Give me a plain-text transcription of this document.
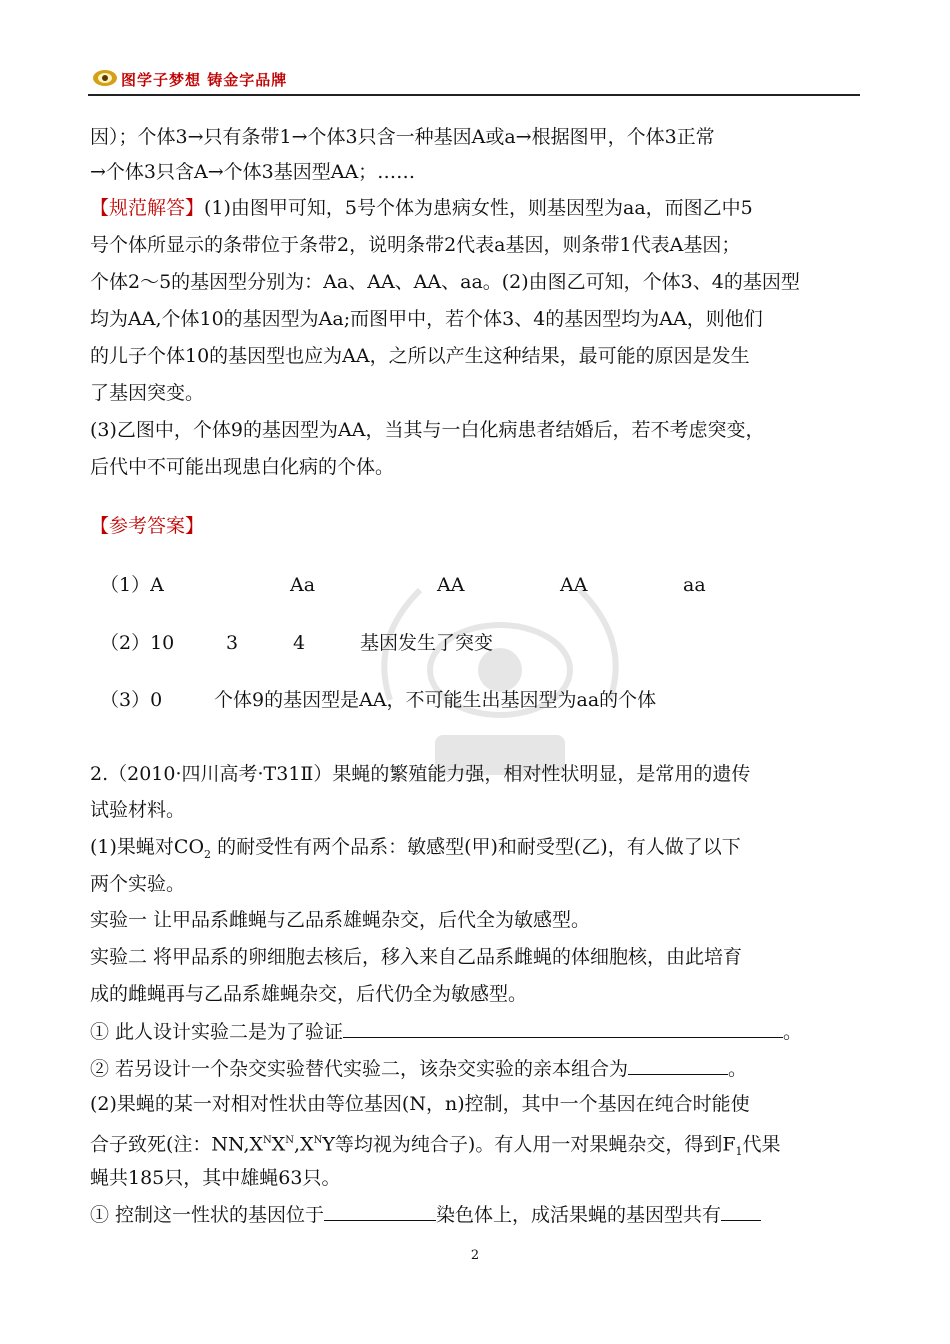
图学子梦想 铸金字品牌
因）；个体3→只有条带1→个体3只含一种基因A或a→根据图甲，个体3正常
→个体3只含A→个体3基因型AA；……
【规范解答】(1)由图甲可知，5号个体为患病女性，则基因型为aa，而图乙中5
号个体所显示的条带位于条带2，说明条带2代表a基因，则条带1代表A基因；
个体2～5的基因型分别为：Aa、AA、AA、aa。(2)由图乙可知，个体3、4的基因型
均为AA,个体10的基因型为Aa;而图甲中，若个体3、4的基因型均为AA，则他们
的儿子个体10的基因型也应为AA，之所以产生这种结果，最可能的原因是发生
了基因突变。
(3)乙图中，个体9的基因型为AA，当其与一白化病患者结婚后，若不考虑突变，
后代中不可能出现患白化病的个体。
【参考答案】
（1）A	Aa	AA	AA	aa
（2）10	3	4	基因发生了突变
（3）0	个体9的基因型是AA，不可能生出基因型为aa的个体
2.（2010·四川高考·T31Ⅱ）果蝇的繁殖能力强，相对性状明显，是常用的遗传
试验材料。
(1)果蝇对$CO_2$ 的耐受性有两个品系：敏感型(甲)和耐受型(乙)，有人做了以下
两个实验。
实验一 让甲品系雌蝇与乙品系雄蝇杂交，后代全为敏感型。
实验二 将甲品系的卵细胞去核后，移入来自乙品系雌蝇的体细胞核，由此培育
成的雌蝇再与乙品系雄蝇杂交，后代仍全为敏感型。
① 此人设计实验二是为了验证	。
② 若另设计一个杂交实验替代实验二，该杂交实验的亲本组合为	。
(2)果蝇的某一对相对性状由等位基因(N，n)控制，其中一个基因在纯合时能使
合子致死(注：$NN,X^NX^N,X^NY$等均视为纯合子)。有人用一对果蝇杂交，得到$F_1$代果
蝇共185只，其中雄蝇63只。
① 控制这一性状的基因位于	染色体上，成活果蝇的基因型共有
2
